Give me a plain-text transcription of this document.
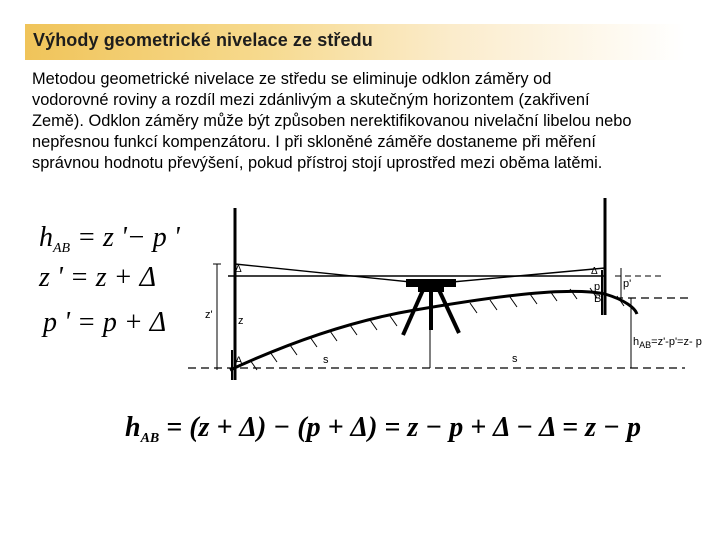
Výhody geometrické nivelace ze středu
Metodou geometrické nivelace ze středu se eliminuje odklon záměry od
vodorovné roviny a rozdíl mezi zdánlivým a skutečným horizontem (zakřivení
Země). Odklon záměry může být způsoben nerektifikovanou nivelační libelou nebo
nepřesnou funkcí kompenzátoru. I při skloněné záměře dostaneme při měření
správnou hodnotu převýšení, pokud přístroj stojí uprostřed mezi oběma latěmi.
$h_{AB} = z$ '− p '
z ' = z + Δ
p ' = p + Δ	z' z
A
Δ	Δ
s	s
p'
p
B
$h_{AB}=z'-p'=z-$ p
$h_{AB} = (z + \Delta) - (p + \Delta) = z - p + \Delta - \Delta = z - p$
